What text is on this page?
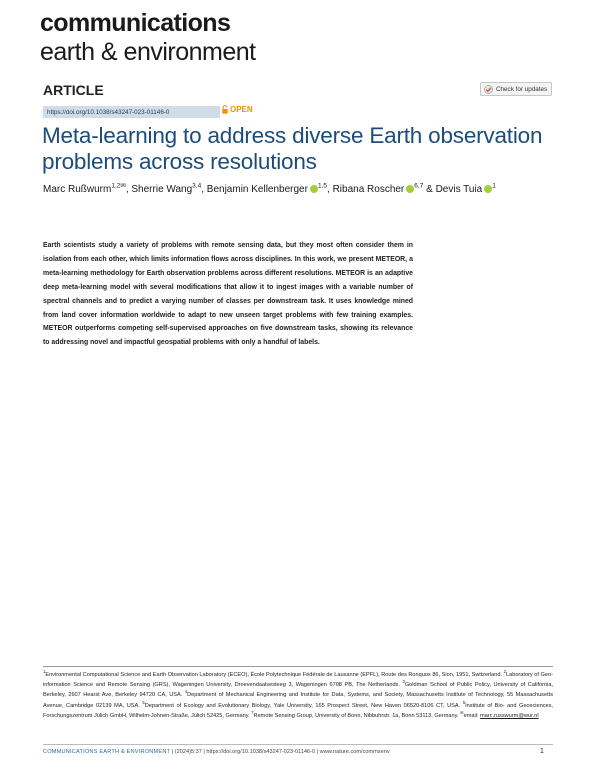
communications
earth & environment
ARTICLE	Check for updates
https://doi.org/10.1038/s43247-023-01146-0	OPEN
Meta-learning to address diverse Earth observation problems across resolutions
Marc Rußwurm$^{1,2✉}$, Sherrie Wang$^{3,4}$, Benjamin Kellenberger $^{1,5}$, Ribana Roscher $^{6,7}$ & Devis Tuia $^1$
Earth scientists study a variety of problems with remote sensing data, but they most often consider them in isolation from each other, which limits information flows across disciplines. In this work, we present METEOR, a meta-learning methodology for Earth observation problems across different resolutions. METEOR is an adaptive deep meta-learning model with several modifications that allow it to ingest images with a variable number of spectral channels and to predict a varying number of classes per downstream task. It uses knowledge mined from land cover information worldwide to adapt to new unseen target problems with few training examples. METEOR outperforms competing self-supervised approaches on five downstream tasks, showing its relevance to addressing novel and impactful geospatial problems with only a handful of labels.
$^1$Environmental Computational Science and Earth Observation Laboratory (ECEO), École Polytechnique Fédérale de Lausanne (EPFL), Route des Ronquos 86, Sion, 1951, Switzerland. $^2$Laboratory of Geo-information Science and Remote Sensing (GRS), Wageningen University, Droevendaalsesteeg 3, Wageningen 6708 PB, The Netherlands. $^3$Goldman School of Public Policy, University of California, Berkeley, 2607 Hearst Ave, Berkeley 94720 CA, USA. $^4$Department of Mechanical Engineering and Institute for Data, Systems, and Society, Massachusetts Institute of Technology, 55 Massachusetts Avenue, Cambridge 02139 MA, USA. $^5$Department of Ecology and Evolutionary Biology, Yale University, 165 Prospect Street, New Haven 06520-8106 CT, USA. $^6$Institute of Bio- and Geosciences, Forschungszentrum Jülich GmbH, Wilhelm-Johnen-Straße, Jülich 52425, Germany. $^7$Remote Sensing Group, University of Bonn, Nibbuhrstr. 1a, Bonn 53113, Germany. ✉email: marc.russwurm@wur.nl
COMMUNICATIONS EARTH & ENVIRONMENT | (2024)5:37 | https://doi.org/10.1038/s43247-023-01146-0 | www.nature.com/commsenv	1
